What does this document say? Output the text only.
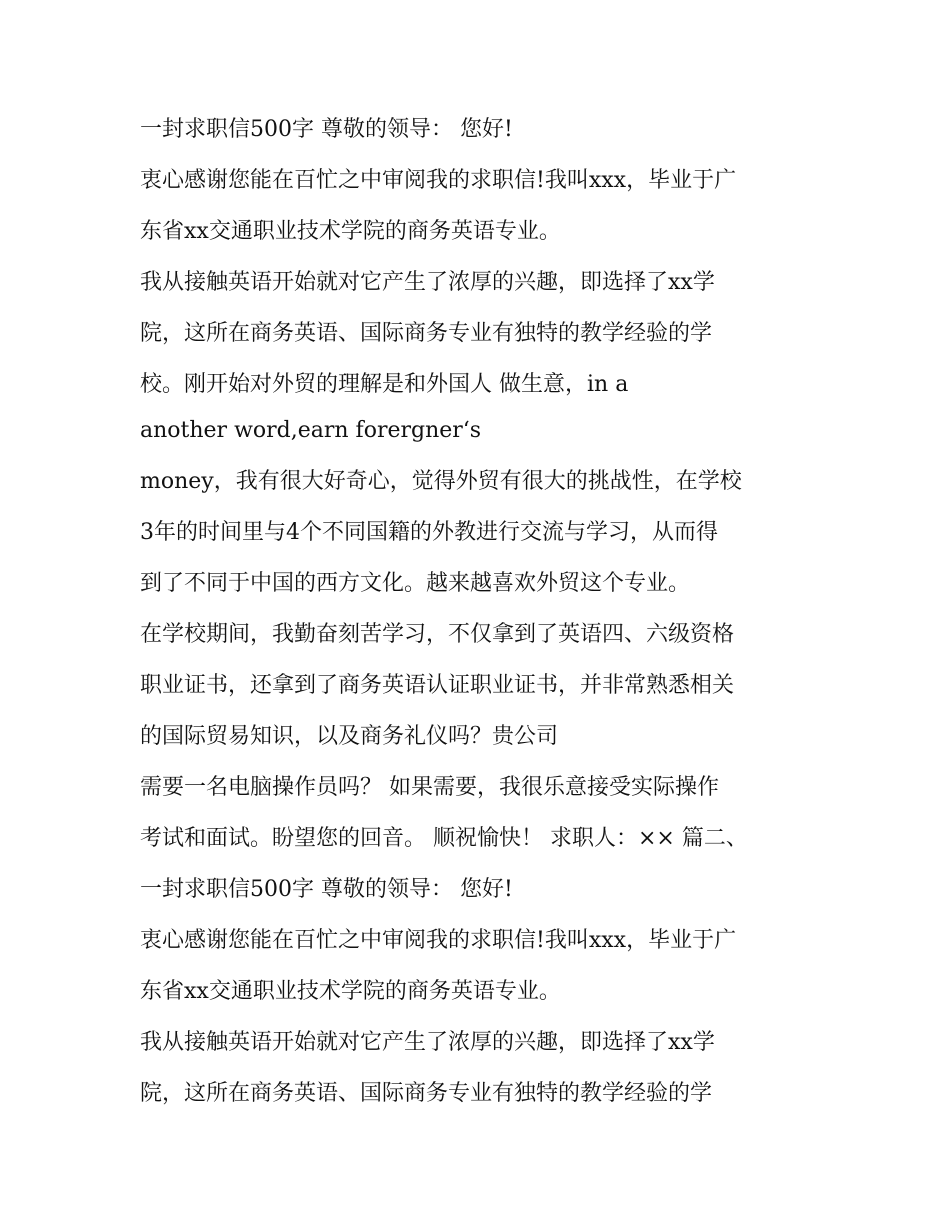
一封求职信500字 尊敬的领导： 您好!
衷心感谢您能在百忙之中审阅我的求职信!我叫xxx，毕业于广
东省xx交通职业技术学院的商务英语专业。
我从接触英语开始就对它产生了浓厚的兴趣，即选择了xx学
院，这所在商务英语、国际商务专业有独特的教学经验的学
校。刚开始对外贸的理解是和外国人 做生意，in a
another word,earn forergner‘s
money，我有很大好奇心，觉得外贸有很大的挑战性，在学校
3年的时间里与4个不同国籍的外教进行交流与学习，从而得
到了不同于中国的西方文化。越来越喜欢外贸这个专业。
在学校期间，我勤奋刻苦学习，不仅拿到了英语四、六级资格
职业证书，还拿到了商务英语认证职业证书，并非常熟悉相关
的国际贸易知识，以及商务礼仪吗？贵公司
需要一名电脑操作员吗？ 如果需要，我很乐意接受实际操作
考试和面试。盼望您的回音。 顺祝愉快！ 求职人：×× 篇二、
一封求职信500字 尊敬的领导： 您好!
衷心感谢您能在百忙之中审阅我的求职信!我叫xxx，毕业于广
东省xx交通职业技术学院的商务英语专业。
我从接触英语开始就对它产生了浓厚的兴趣，即选择了xx学
院，这所在商务英语、国际商务专业有独特的教学经验的学
